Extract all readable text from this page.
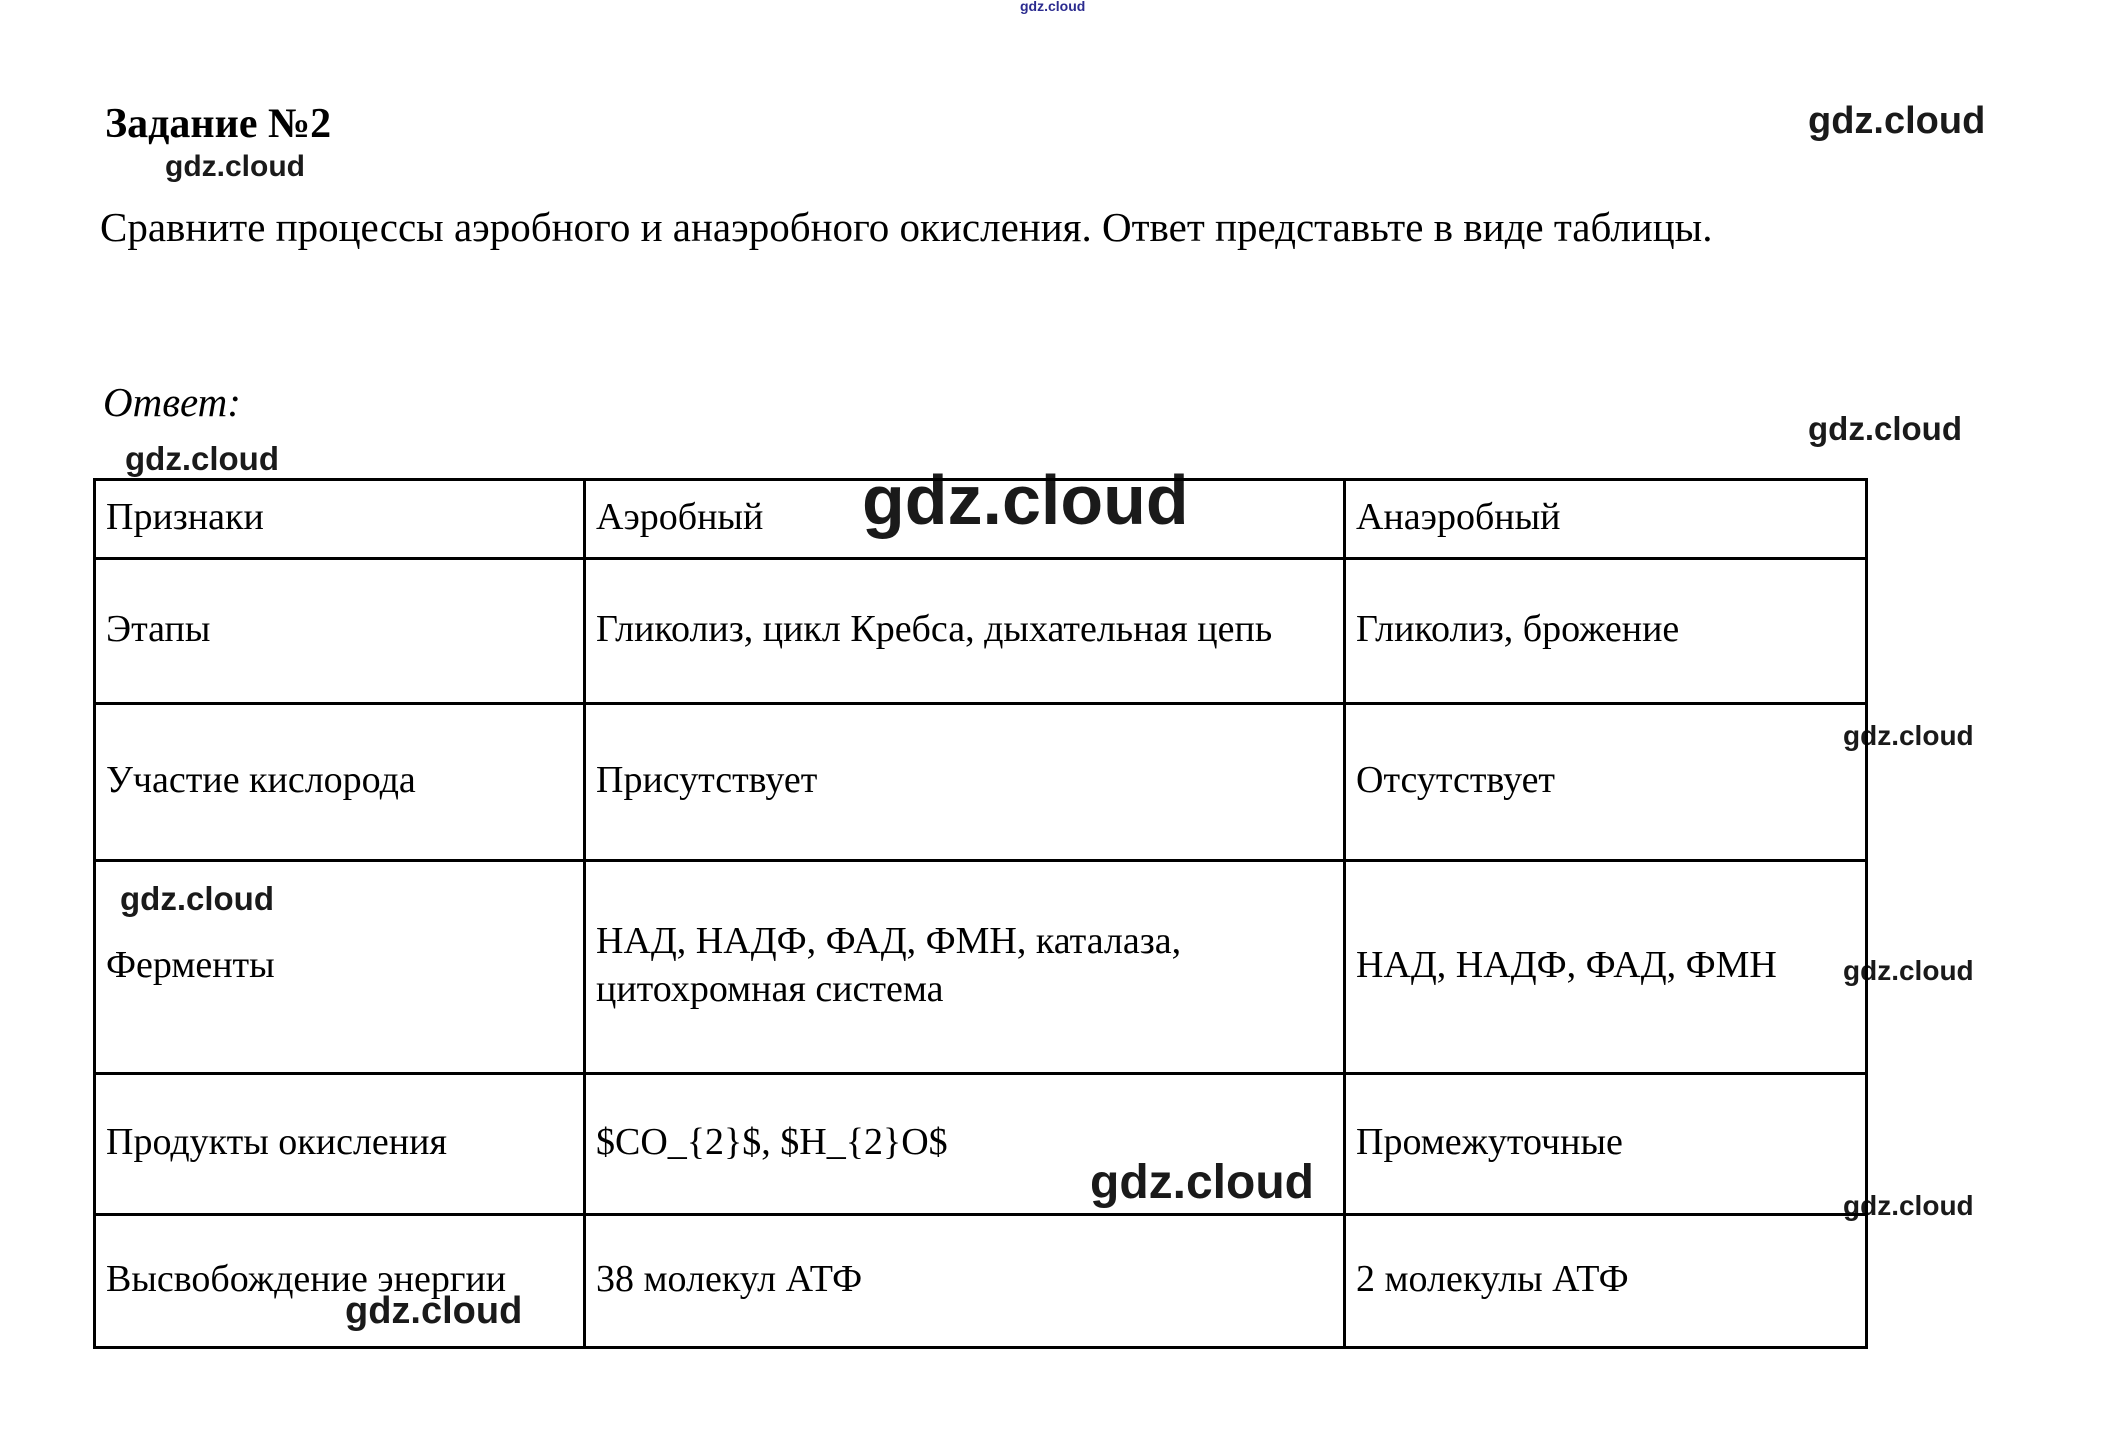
gdz.cloud
gdz.cloud
gdz.cloud
gdz.cloud
gdz.cloud
gdz.cloud
gdz.cloud
gdz.cloud
gdz.cloud
gdz.cloud	gdz.cloud
gdz.cloud
Задание №2
Сравните процессы аэробного и анаэробного окисления. Ответ представьте в виде таблицы.
Ответ:
Признаки	Аэробный	Анаэробный
Этапы	Гликолиз, цикл Кребса, дыхательная цепь	Гликолиз, брожение
Участие кислорода	Присутствует	Отсутствует
Ферменты	НАД, НАДФ, ФАД, ФМН, каталаза, цитохромная система	НАД, НАДФ, ФАД, ФМН
Продукты окисления	$CO_{2}$, $H_{2}O$	Промежуточные
Высвобождение энергии	38 молекул АТФ	2 молекулы АТФ
